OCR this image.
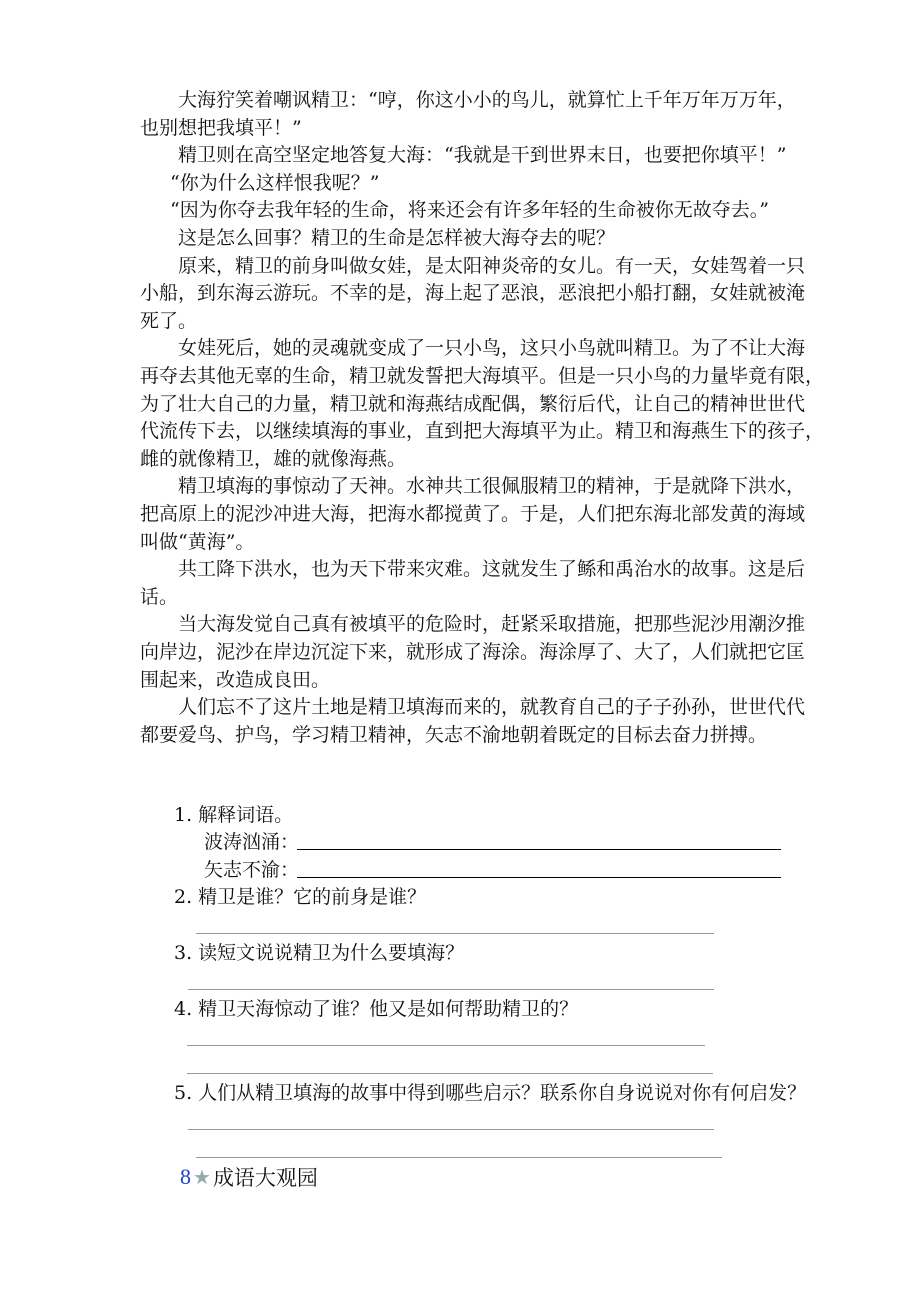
大海狞笑着嘲讽精卫：“哼，你这小小的鸟儿，就算忙上千年万年万万年，
也别想把我填平！”
精卫则在高空坚定地答复大海：“我就是干到世界末日，也要把你填平！”
“你为什么这样恨我呢？”
“因为你夺去我年轻的生命，将来还会有许多年轻的生命被你无故夺去。”
这是怎么回事？精卫的生命是怎样被大海夺去的呢？
原来，精卫的前身叫做女娃，是太阳神炎帝的女儿。有一天，女娃驾着一只
小船，到东海云游玩。不幸的是，海上起了恶浪，恶浪把小船打翻，女娃就被淹
死了。
女娃死后，她的灵魂就变成了一只小鸟，这只小鸟就叫精卫。为了不让大海
再夺去其他无辜的生命，精卫就发誓把大海填平。但是一只小鸟的力量毕竟有限，
为了壮大自己的力量，精卫就和海燕结成配偶，繁衍后代，让自己的精神世世代
代流传下去，以继续填海的事业，直到把大海填平为止。精卫和海燕生下的孩子，
雌的就像精卫，雄的就像海燕。
精卫填海的事惊动了天神。水神共工很佩服精卫的精神，于是就降下洪水，
把高原上的泥沙冲进大海，把海水都搅黄了。于是，人们把东海北部发黄的海域
叫做“黄海”。
共工降下洪水，也为天下带来灾难。这就发生了鲧和禹治水的故事。这是后
话。
当大海发觉自己真有被填平的危险时，赶紧采取措施，把那些泥沙用潮汐推
向岸边，泥沙在岸边沉淀下来，就形成了海涂。海涂厚了、大了，人们就把它匡
围起来，改造成良田。
人们忘不了这片土地是精卫填海而来的，就教育自己的子子孙孙，世世代代
都要爱鸟、护鸟，学习精卫精神，矢志不渝地朝着既定的目标去奋力拼搏。
1. 解释词语。
波涛汹涌：
矢志不渝：
2. 精卫是谁？它的前身是谁？
3. 读短文说说精卫为什么要填海？
4. 精卫天海惊动了谁？他又是如何帮助精卫的？
5. 人们从精卫填海的故事中得到哪些启示？联系你自身说说对你有何启发？
8 ★ 成语大观园
